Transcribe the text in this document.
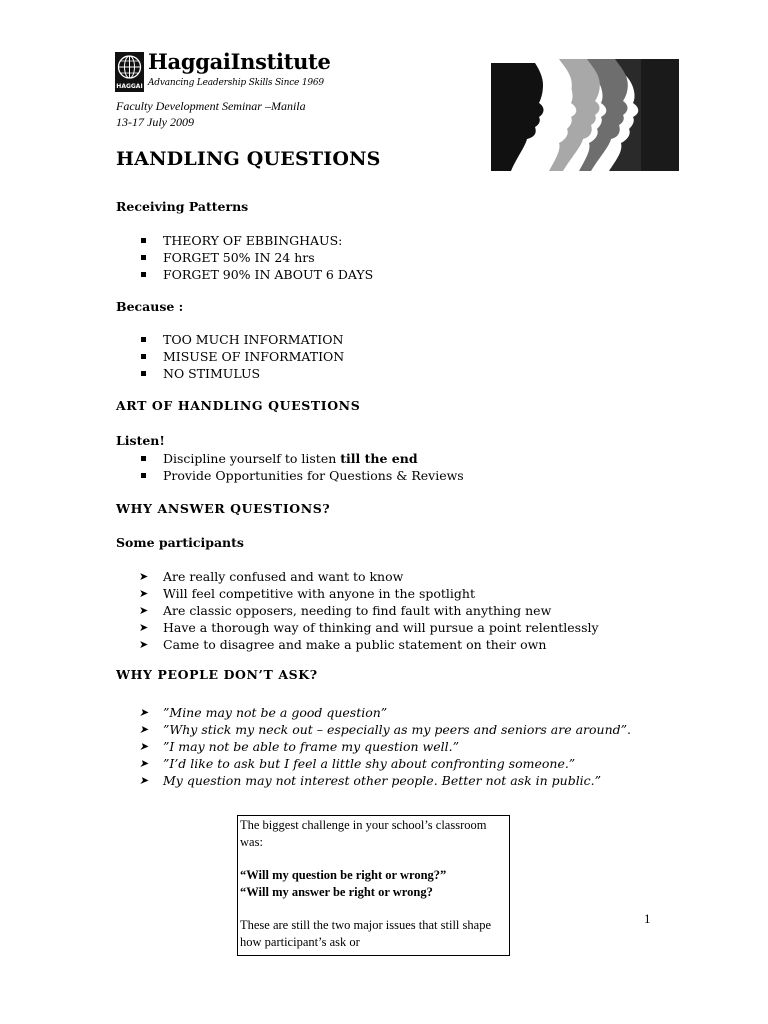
HAGGAI
HaggaiInstitute
Advancing Leadership Skills Since 1969
Faculty Development Seminar –Manila
13-17 July 2009
HANDLING QUESTIONS
Receiving Patterns
THEORY OF EBBINGHAUS:
FORGET 50% IN 24 hrs
FORGET 90% IN ABOUT 6 DAYS
Because :
TOO MUCH INFORMATION
MISUSE OF INFORMATION
NO STIMULUS
ART OF HANDLING QUESTIONS
Listen!
Discipline yourself to listen till the end
Provide Opportunities for Questions & Reviews
WHY ANSWER QUESTIONS?
Some participants
➤ Are really confused and want to know
➤ Will feel competitive with anyone in the spotlight
➤ Are classic opposers, needing to find fault with anything new
➤ Have a thorough way of thinking and will pursue a point relentlessly
➤ Came to disagree and make a public statement on their own
WHY PEOPLE DON’T ASK?
➤ ”Mine may not be a good question”
➤ ”Why stick my neck out – especially as my peers and seniors are around”.
➤ ”I may not be able to frame my question well.”
➤ ”I’d like to ask but I feel a little shy about confronting someone.”
➤ My question may not interest other people. Better not ask in public.”

The biggest challenge in your school’s classroom was:

“Will my question be right or wrong?”

“Will my answer be right or wrong?

These are still the two major issues that still shape how participant’s ask or

1
